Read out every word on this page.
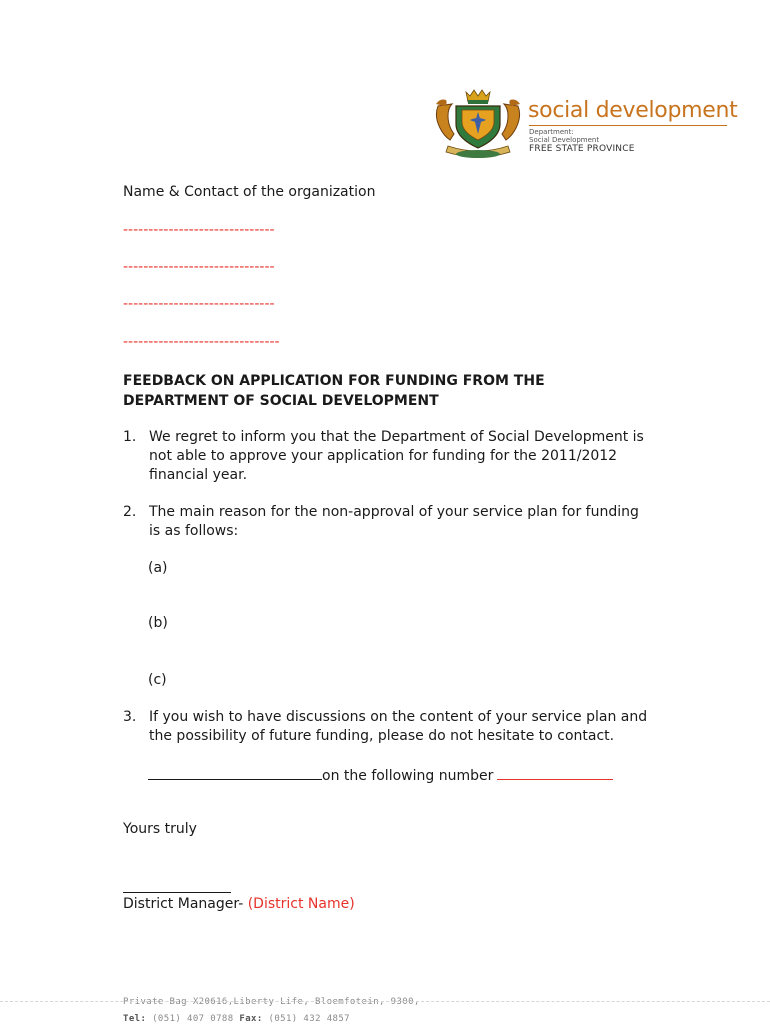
social development
Department:
Social Development
FREE STATE PROVINCE
Name & Contact of the organization
------------------------------
------------------------------
------------------------------
-------------------------------
FEEDBACK ON APPLICATION FOR FUNDING FROM THE
DEPARTMENT OF SOCIAL DEVELOPMENT
1. We regret to inform you that the Department of Social Development is not able to approve your application for funding for the 2011/2012 financial year.
2. The main reason for the non-approval of your service plan for funding is as follows:
(a)
(b)
(c)
3. If you wish to have discussions on the content of your service plan and the possibility of future funding, please do not hesitate to contact.
on the following number
Yours truly
District Manager- (District Name)
Private Bag X20616,Liberty Life, Bloemfotein, 9300,
Tel: (051) 407 0788 Fax: (051) 432 4857
